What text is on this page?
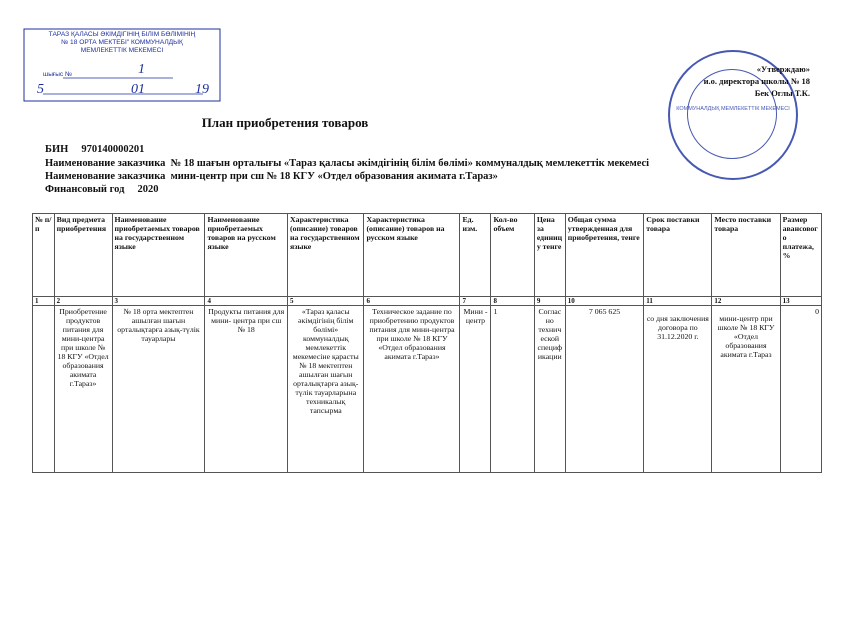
ТАРАЗ ҚАЛАСЫ ӘКІМДІГІНІҢ БІЛІМ БӨЛІМІНІҢ
№ 18 ОРТА МЕКТЕБІ" КОММУНАЛДЫҚ
МЕМЛЕКЕТТІК МЕКЕМЕСІ
шығыс №	1
5	01	19
КОММУНАЛДЫҚ МЕМЛЕКЕТТІК МЕКЕМЕСІ
«Утверждаю»
и.о. директора школы № 18
Бек Оглы Т.К.
План приобретения товаров
БИН 970140000201
Наименование заказчика № 18 шағын орталығы «Тараз қаласы әкімдігінің білім бөлімі» коммуналдық мемлекеттік мекемесі
Наименование заказчика мини-центр при сш № 18 КГУ «Отдел образования акимата г.Тараз»
Финансовый год 2020
№ п/п	Вид предмета приобретения	Наименование приобретаемых товаров на государственном языке	Наименование приобретаемых товаров на русском языке	Характеристика (описание) товаров на государственном языке	Характеристика (описание) товаров на русском языке	Ед. изм.	Кол-во объем	Цена за единицу тенге	Общая сумма утвержденная для приобретения, тенге	Срок поставки товара	Место поставки товара	Размер авансового платежа,%
1	2	3	4	5	6	7	8	9	10	11	12	13
	Приобретение продуктов питания для мини-центра при школе № 18 КГУ «Отдел образования акимата г.Тараз»	№ 18 орта мектептен ашылған шағын орталықтарға азық-түлік тауарлары	Продукты питания для мини- центра при сш № 18	«Тараз қаласы әкімдігінің білім бөлімі» коммуналдық мемлекеттік мекемесіне қарасты № 18 мектептен ашылған шағын орталықтарға азық-түлік тауарларына техникалық тапсырма	Техническое задание по приобретению продуктов питания для мини-центра при школе № 18 КГУ «Отдел образования акимата г.Тараз»	Мини - центр	1	Согласно технической спецификации	7 065 625	со дня заключения договора по 31.12.2020 г.	мини-центр при школе № 18 КГУ «Отдел образования акимата г.Тараз	0
